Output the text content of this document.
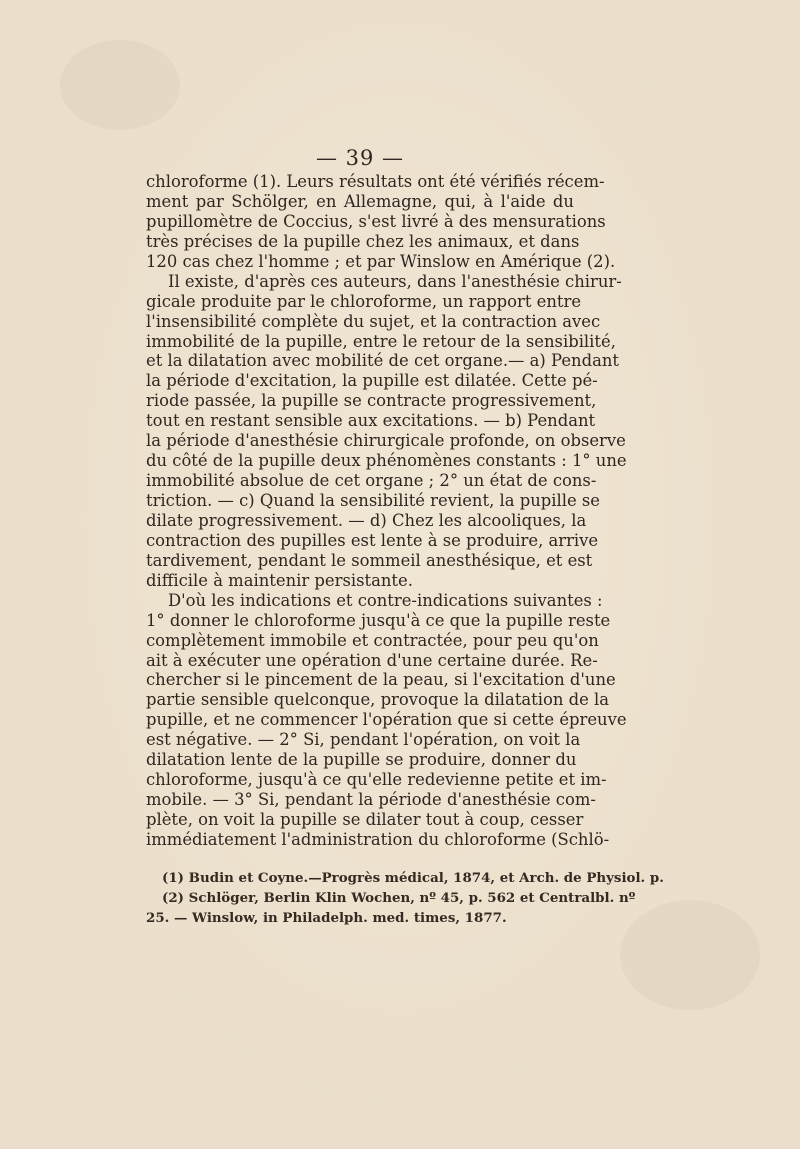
— 39 —
chloroforme (1). Leurs résultats ont été vérifiés récem-
ment par Schölger, en Allemagne, qui, à l'aide du
pupillomètre de Coccius, s'est livré à des mensurations
très précises de la pupille chez les animaux, et dans
120 cas chez l'homme ; et par Winslow en Amérique (2).
Il existe, d'après ces auteurs, dans l'anesthésie chirur-
gicale produite par le chloroforme, un rapport entre
l'insensibilité complète du sujet, et la contraction avec
immobilité de la pupille, entre le retour de la sensibilité,
et la dilatation avec mobilité de cet organe.— a) Pendant
la période d'excitation, la pupille est dilatée. Cette pé-
riode passée, la pupille se contracte progressivement,
tout en restant sensible aux excitations. — b) Pendant
la période d'anesthésie chirurgicale profonde, on observe
du côté de la pupille deux phénomènes constants : 1° une
immobilité absolue de cet organe ; 2° un état de cons-
triction. — c) Quand la sensibilité revient, la pupille se
dilate progressivement. — d) Chez les alcooliques, la
contraction des pupilles est lente à se produire, arrive
tardivement, pendant le sommeil anesthésique, et est
difficile à maintenir persistante.
D'où les indications et contre-indications suivantes :
1° donner le chloroforme jusqu'à ce que la pupille reste
complètement immobile et contractée, pour peu qu'on
ait à exécuter une opération d'une certaine durée. Re-
chercher si le pincement de la peau, si l'excitation d'une
partie sensible quelconque, provoque la dilatation de la
pupille, et ne commencer l'opération que si cette épreuve
est négative. — 2° Si, pendant l'opération, on voit la
dilatation lente de la pupille se produire, donner du
chloroforme, jusqu'à ce qu'elle redevienne petite et im-
mobile. — 3° Si, pendant la période d'anesthésie com-
plète, on voit la pupille se dilater tout à coup, cesser
immédiatement l'administration du chloroforme (Schlö-
(1) Budin et Coyne.—Progrès médical, 1874, et Arch. de Physiol. p.
(2) Schlöger, Berlin Klin Wochen, nº 45, p. 562 et Centralbl. nº
25. — Winslow, in Philadelph. med. times, 1877.
